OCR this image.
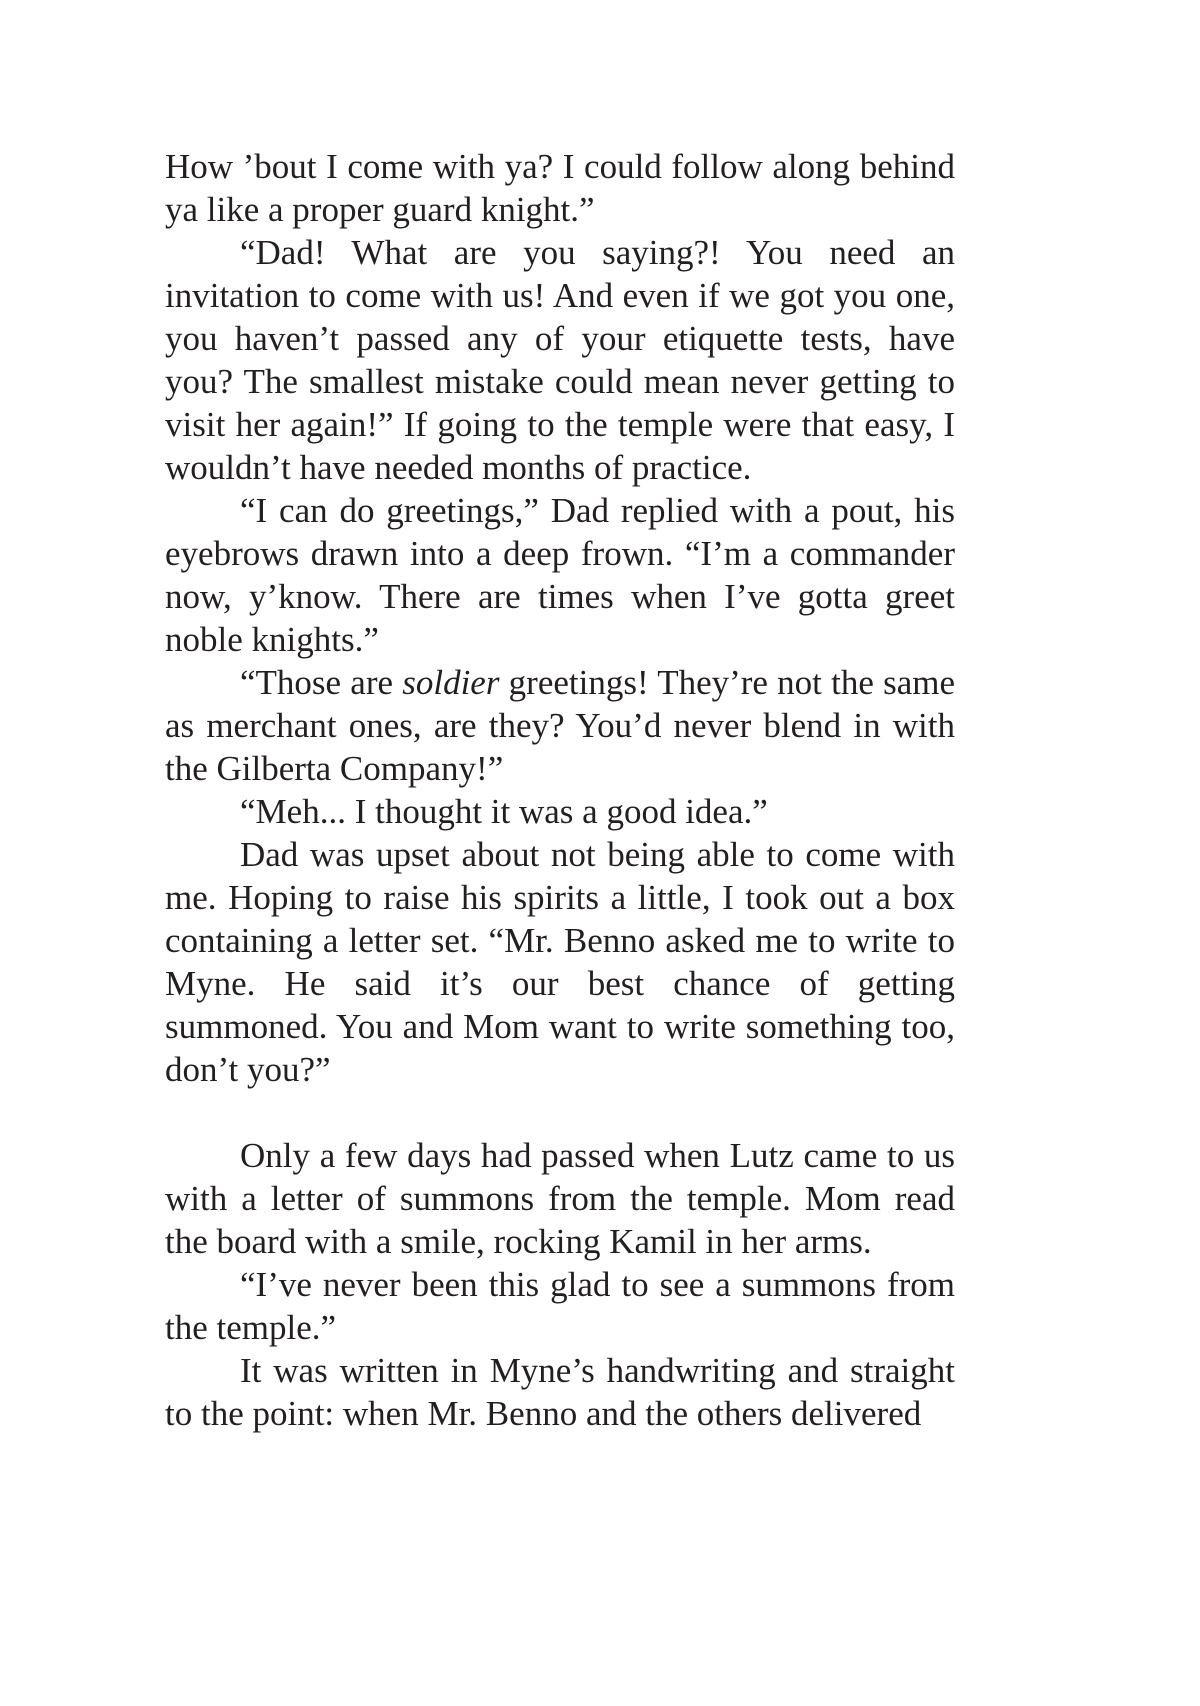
How ’bout I come with ya? I could follow along behind ya like a proper guard knight.”

“Dad! What are you saying?! You need an invitation to come with us! And even if we got you one, you haven’t passed any of your etiquette tests, have you? The smallest mistake could mean never getting to visit her again!” If going to the temple were that easy, I wouldn’t have needed months of practice.

“I can do greetings,” Dad replied with a pout, his eyebrows drawn into a deep frown. “I’m a commander now, y’know. There are times when I’ve gotta greet noble knights.”

“Those are soldier greetings! They’re not the same as merchant ones, are they? You’d never blend in with the Gilberta Company!”

“Meh... I thought it was a good idea.”

Dad was upset about not being able to come with me. Hoping to raise his spirits a little, I took out a box containing a letter set. “Mr. Benno asked me to write to Myne. He said it’s our best chance of getting summoned. You and Mom want to write something too, don’t you?”

Only a few days had passed when Lutz came to us with a letter of summons from the temple. Mom read the board with a smile, rocking Kamil in her arms.

“I’ve never been this glad to see a summons from the temple.”

It was written in Myne’s handwriting and straight to the point: when Mr. Benno and the others delivered
